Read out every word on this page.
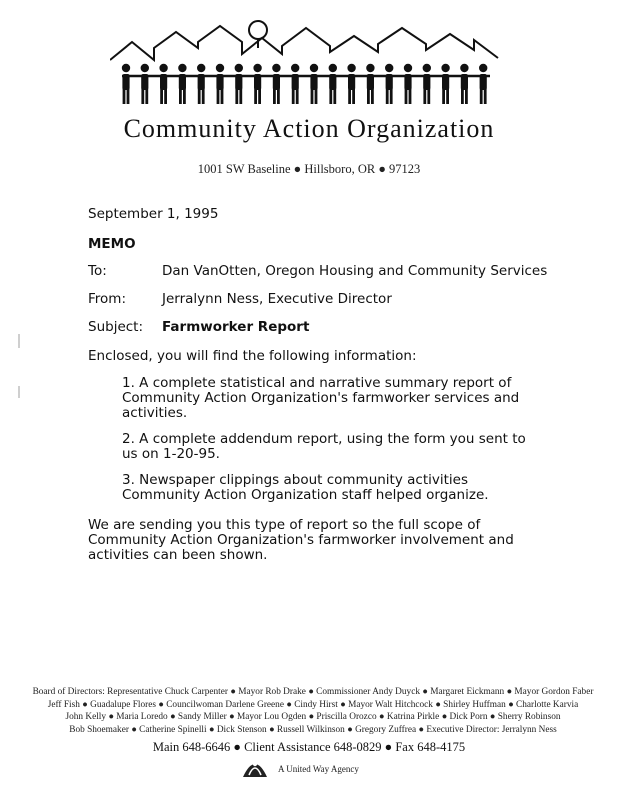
Community Action Organization
1001 SW Baseline ● Hillsboro, OR ● 97123
September 1, 1995
MEMO
To:	Dan VanOtten, Oregon Housing and Community Services
From:	Jerralynn Ness, Executive Director
Subject: Farmworker Report
Enclosed, you will find the following information:
1. A complete statistical and narrative summary report of Community Action Organization's farmworker services and activities.
2. A complete addendum report, using the form you sent to us on 1-20-95.
3. Newspaper clippings about community activities Community Action Organization staff helped organize.
We are sending you this type of report so the full scope of Community Action Organization's farmworker involvement and activities can been shown.
Board of Directors: Representative Chuck Carpenter ● Mayor Rob Drake ● Commissioner Andy Duyck ● Margaret Eickmann ● Mayor Gordon Faber
Jeff Fish ● Guadalupe Flores ● Councilwoman Darlene Greene ● Cindy Hirst ● Mayor Walt Hitchcock ● Shirley Huffman ● Charlotte Karvia
John Kelly ● Maria Loredo ● Sandy Miller ● Mayor Lou Ogden ● Priscilla Orozco ● Katrina Pirkle ● Dick Porn ● Sherry Robinson
Bob Shoemaker ● Catherine Spinelli ● Dick Stenson ● Russell Wilkinson ● Gregory Zuffrea ● Executive Director: Jerralynn Ness
Main 648-6646 ● Client Assistance 648-0829 ● Fax 648-4175
A United Way Agency
